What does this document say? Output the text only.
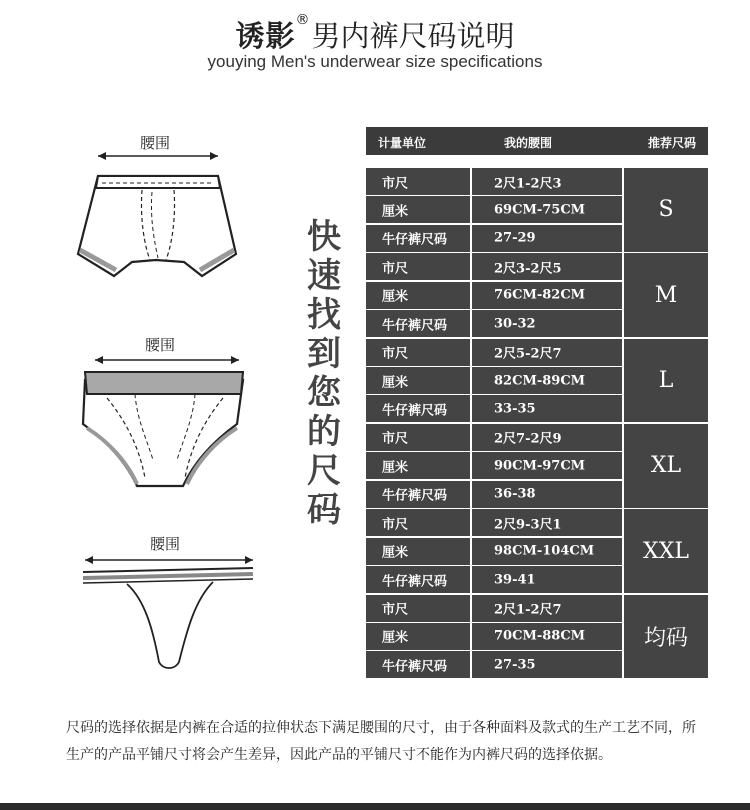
诱影®男内裤尺码说明
youying Men's underwear size specifications
腰围
腰围
腰围
快
速
找
到
您
的
尺
码
计量单位	我的腰围	推荐尺码
市尺	2尺1-2尺3
厘米	69CM-75CM
牛仔裤尺码	27-29
S
市尺	2尺3-2尺5
厘米	76CM-82CM
牛仔裤尺码	30-32
M
市尺	2尺5-2尺7
厘米	82CM-89CM
牛仔裤尺码	33-35
L
市尺	2尺7-2尺9
厘米	90CM-97CM
牛仔裤尺码	36-38
XL
市尺	2尺9-3尺1
厘米	98CM-104CM
牛仔裤尺码	39-41
XXL
市尺	2尺1-2尺7
厘米	70CM-88CM
牛仔裤尺码	27-35
均码
尺码的选择依据是内裤在合适的拉伸状态下满足腰围的尺寸，由于各种面料及款式的生产工艺不同，所生产的产品平铺尺寸将会产生差异，因此产品的平铺尺寸不能作为内裤尺码的选择依据。
